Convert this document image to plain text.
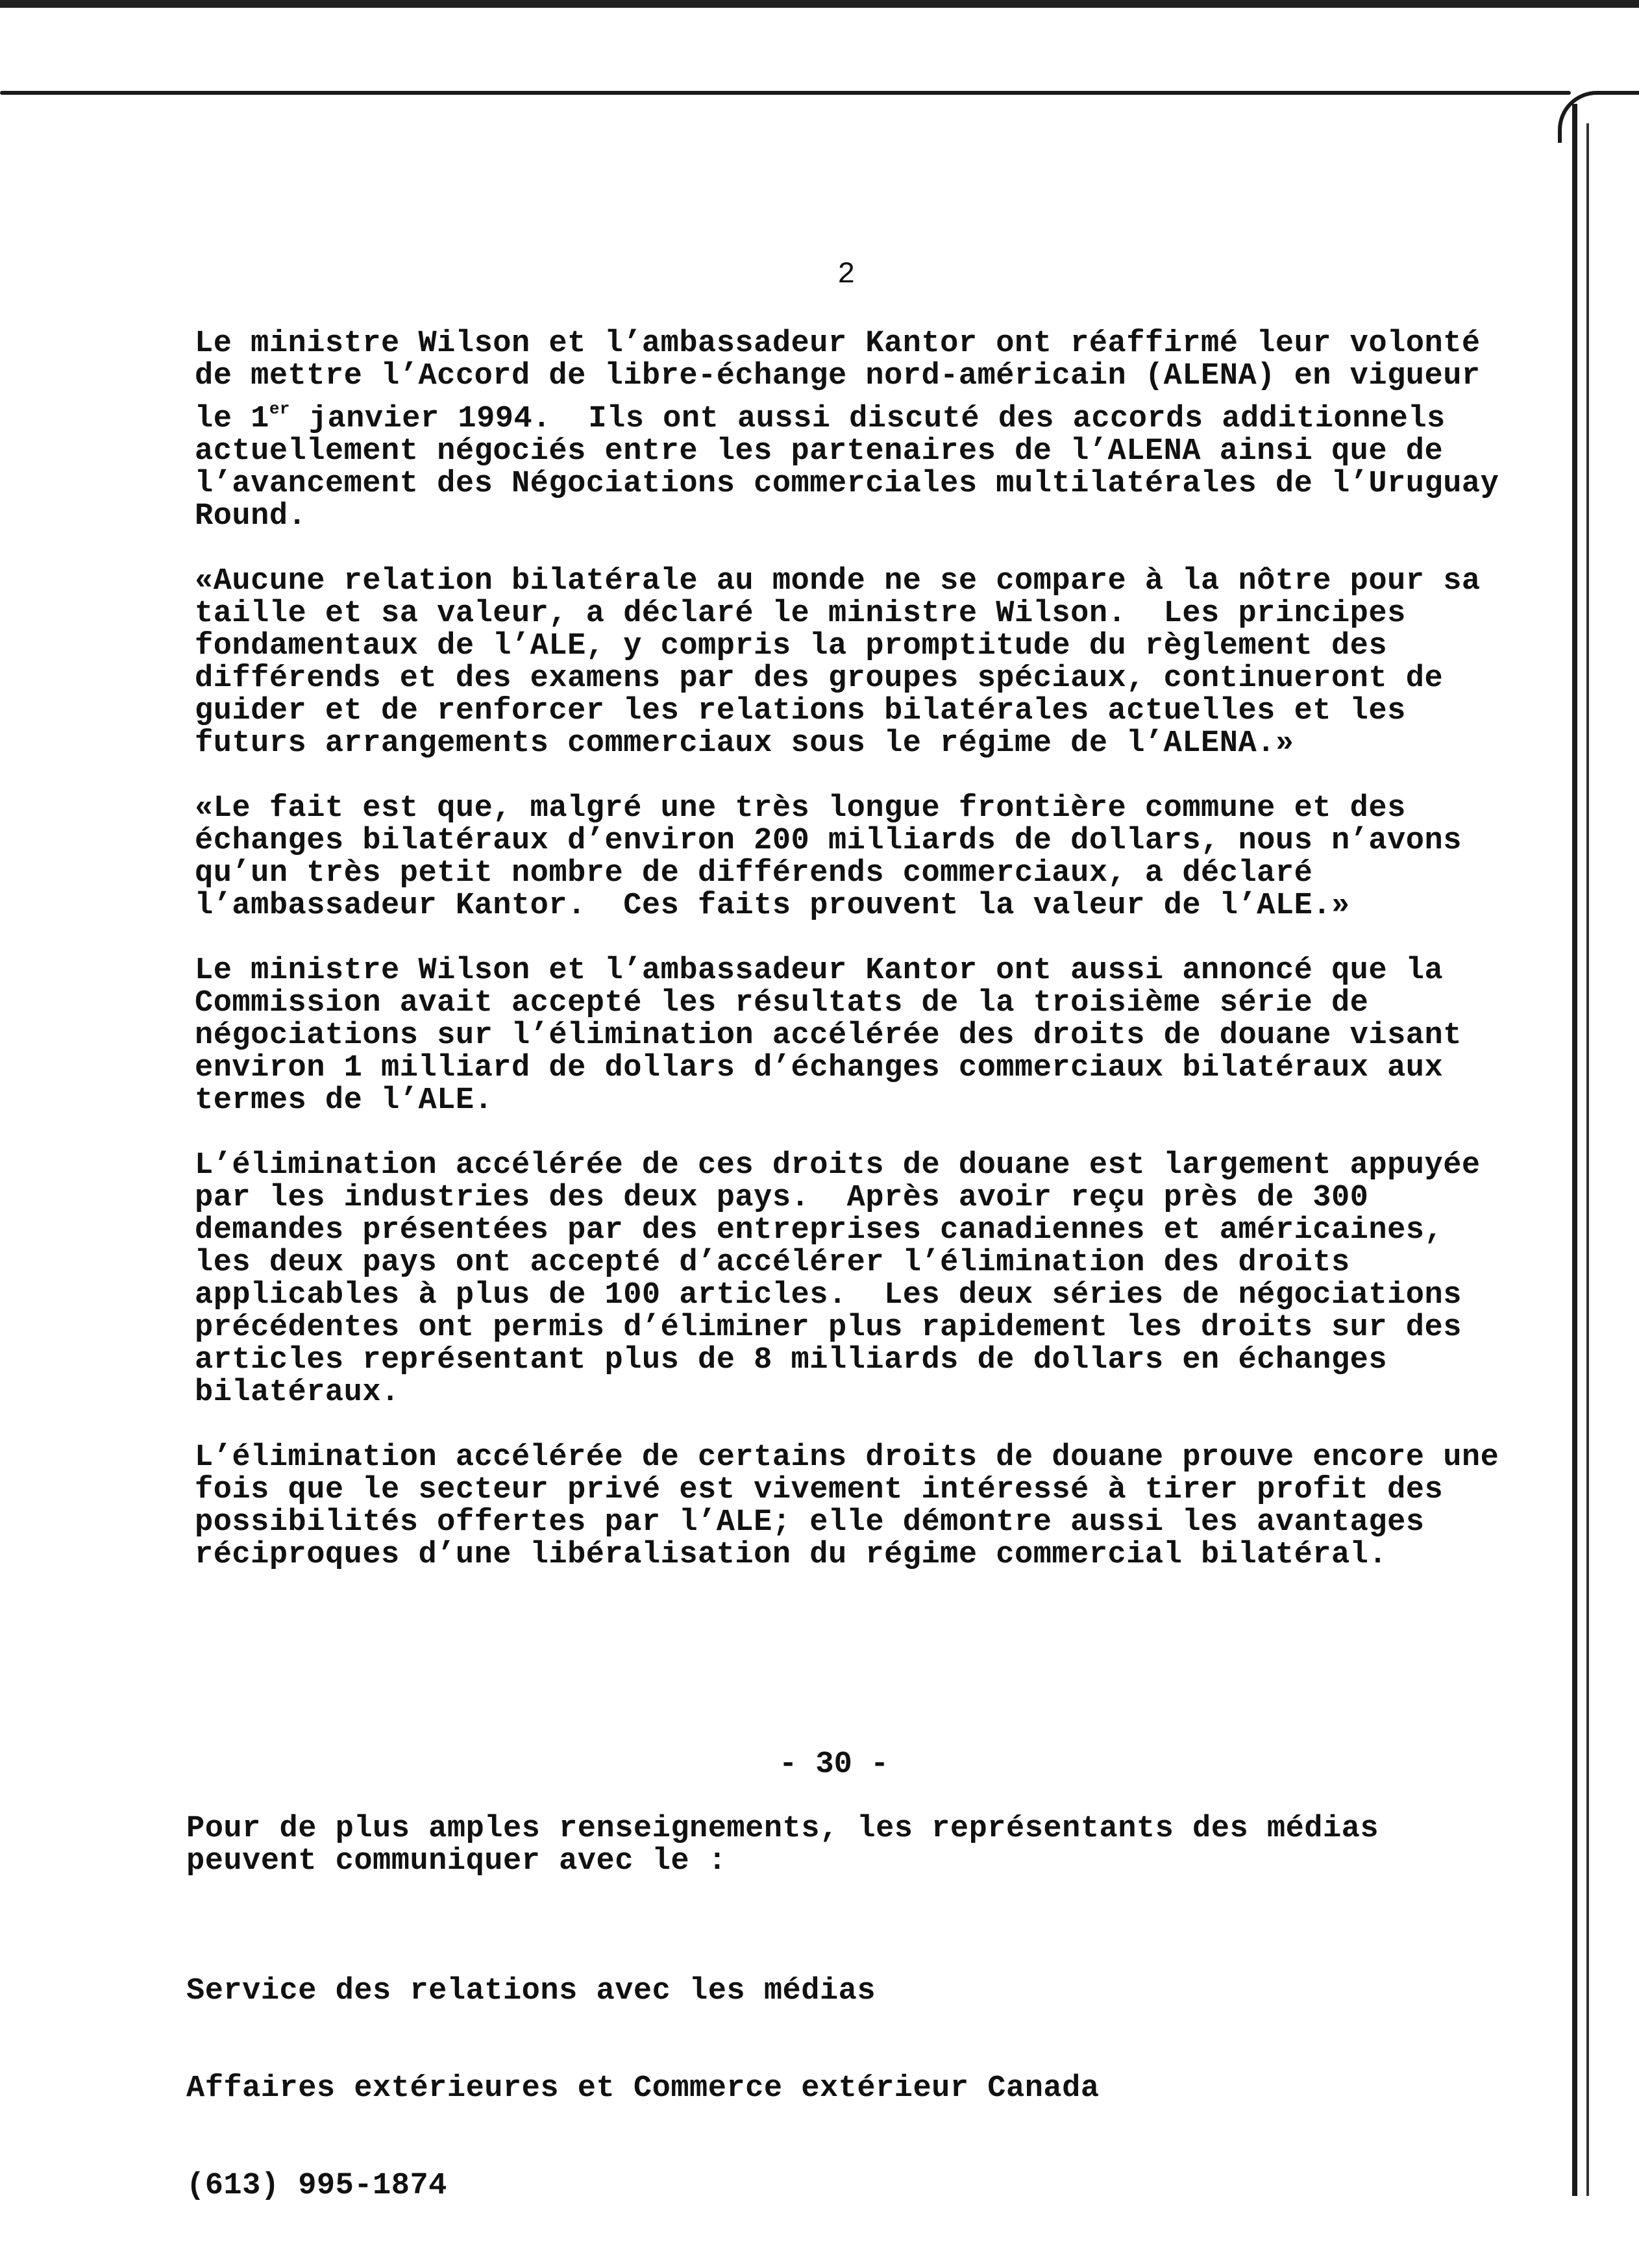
2

Le ministre Wilson et l’ambassadeur Kantor ont réaffirmé leur volonté de mettre l’Accord de libre-échange nord-américain (ALENA) en vigueur le 1er janvier 1994.  Ils ont aussi discuté des accords additionnels actuellement négociés entre les partenaires de l’ALENA ainsi que de l’avancement des Négociations commerciales multilatérales de l’Uruguay Round.

«Aucune relation bilatérale au monde ne se compare à la nôtre pour sa taille et sa valeur, a déclaré le ministre Wilson.  Les principes fondamentaux de l’ALE, y compris la promptitude du règlement des différends et des examens par des groupes spéciaux, continueront de guider et de renforcer les relations bilatérales actuelles et les futurs arrangements commerciaux sous le régime de l’ALENA.»

«Le fait est que, malgré une très longue frontière commune et des échanges bilatéraux d’environ 200 milliards de dollars, nous n’avons qu’un très petit nombre de différends commerciaux, a déclaré l’ambassadeur Kantor.  Ces faits prouvent la valeur de l’ALE.»

Le ministre Wilson et l’ambassadeur Kantor ont aussi annoncé que la Commission avait accepté les résultats de la troisième série de négociations sur l’élimination accélérée des droits de douane visant environ 1 milliard de dollars d’échanges commerciaux bilatéraux aux termes de l’ALE.

L’élimination accélérée de ces droits de douane est largement appuyée par les industries des deux pays.  Après avoir reçu près de 300 demandes présentées par des entreprises canadiennes et américaines, les deux pays ont accepté d’accélérer l’élimination des droits applicables à plus de 100 articles.  Les deux séries de négociations précédentes ont permis d’éliminer plus rapidement les droits sur des articles représentant plus de 8 milliards de dollars en échanges bilatéraux.

L’élimination accélérée de certains droits de douane prouve encore une fois que le secteur privé est vivement intéressé à tirer profit des possibilités offertes par l’ALE; elle démontre aussi les avantages réciproques d’une libéralisation du régime commercial bilatéral.

- 30 -
Pour de plus amples renseignements, les représentants des médias peuvent communiquer avec le :

Service des relations avec les médias

Affaires extérieures et Commerce extérieur Canada

(613) 995-1874
